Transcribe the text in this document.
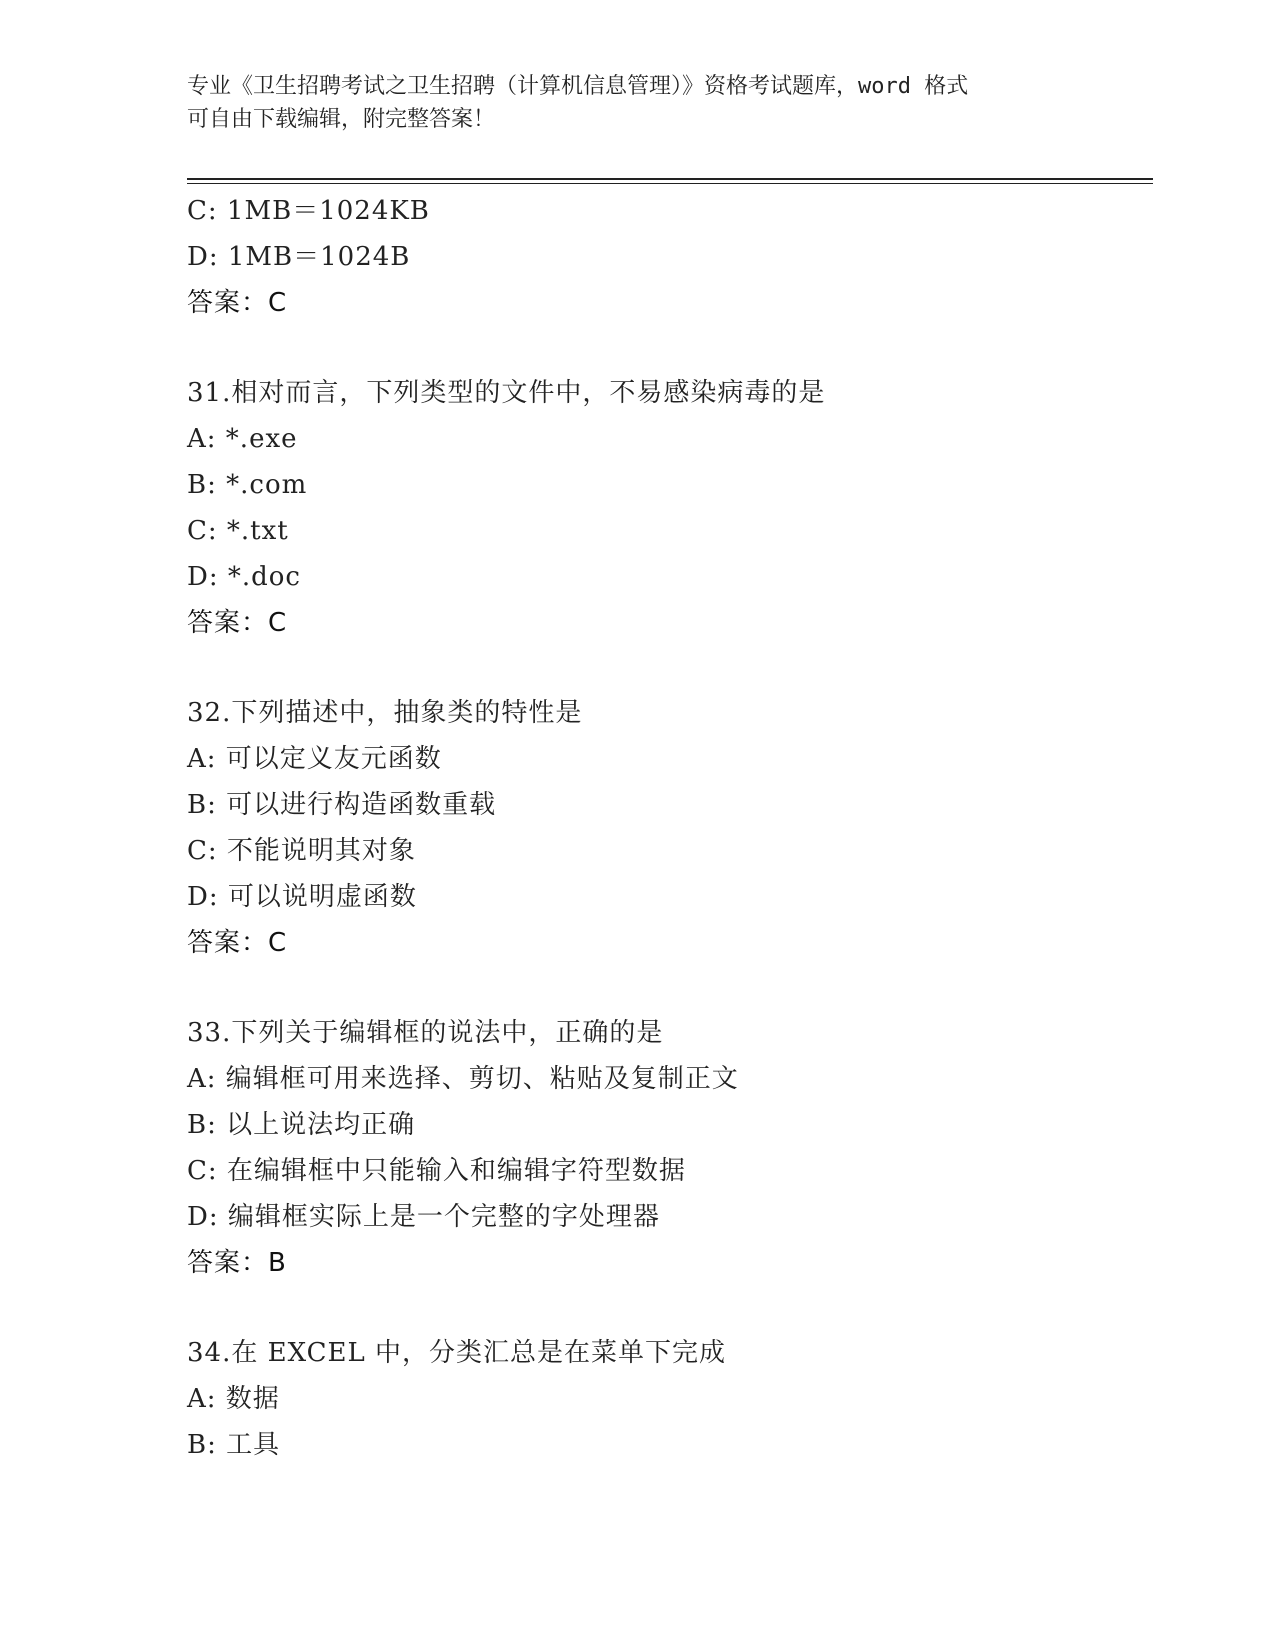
专业《卫生招聘考试之卫生招聘（计算机信息管理）》资格考试题库，word 格式
可自由下载编辑，附完整答案！
C: 1MB＝1024KB
D: 1MB＝1024B
答案：C
31.相对而言，下列类型的文件中，不易感染病毒的是
A: *.exe
B: *.com
C: *.txt
D: *.doc
答案：C
32.下列描述中，抽象类的特性是
A: 可以定义友元函数
B: 可以进行构造函数重载
C: 不能说明其对象
D: 可以说明虚函数
答案：C
33.下列关于编辑框的说法中，正确的是
A: 编辑框可用来选择、剪切、粘贴及复制正文
B: 以上说法均正确
C: 在编辑框中只能输入和编辑字符型数据
D: 编辑框实际上是一个完整的字处理器
答案：B
34.在 EXCEL 中，分类汇总是在菜单下完成
A: 数据
B: 工具
